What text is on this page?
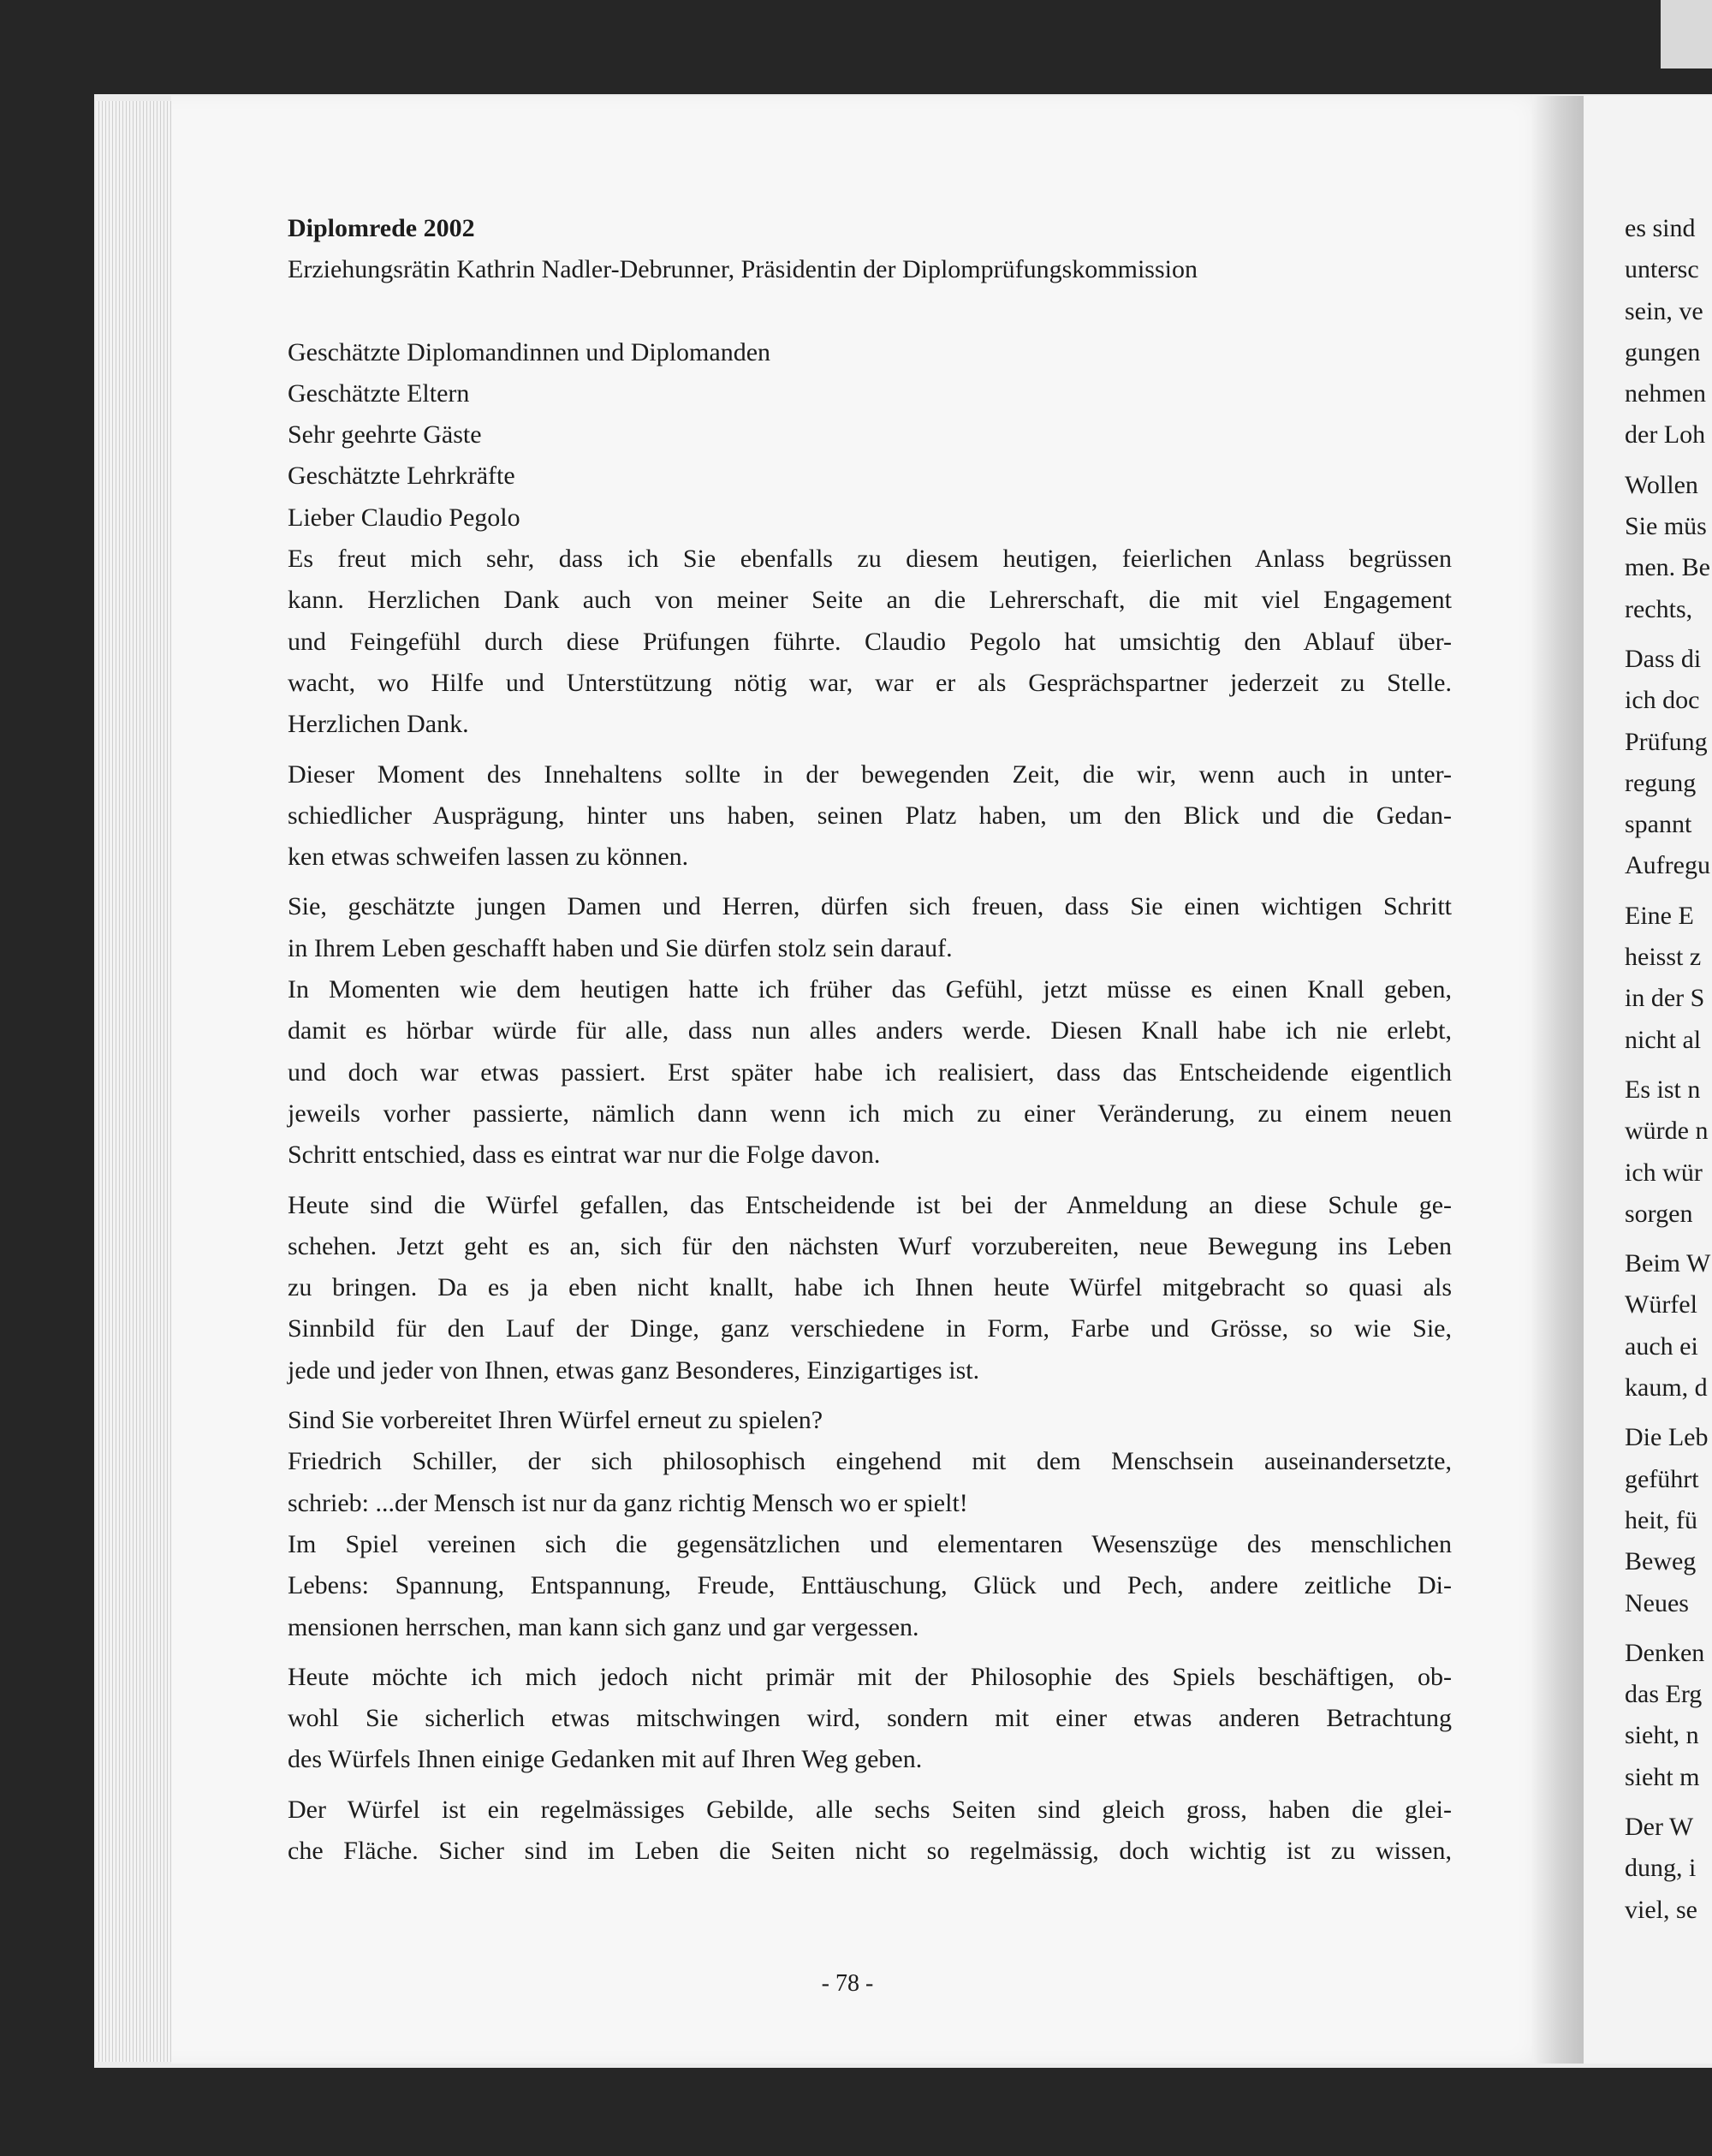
Diplomrede 2002
Erziehungsrätin Kathrin Nadler-Debrunner, Präsidentin der Diplomprüfungskommission
Geschätzte Diplomandinnen und Diplomanden
Geschätzte Eltern
Sehr geehrte Gäste
Geschätzte Lehrkräfte
Lieber Claudio Pegolo
Es freut mich sehr, dass ich Sie ebenfalls zu diesem heutigen, feierlichen Anlass begrüssen
kann. Herzlichen Dank auch von meiner Seite an die Lehrerschaft, die mit viel Engagement
und Feingefühl durch diese Prüfungen führte. Claudio Pegolo hat umsichtig den Ablauf über-
wacht, wo Hilfe und Unterstützung nötig war, war er als Gesprächspartner jederzeit zu Stelle.
Herzlichen Dank.
Dieser Moment des Innehaltens sollte in der bewegenden Zeit, die wir, wenn auch in unter-
schiedlicher Ausprägung, hinter uns haben, seinen Platz haben, um den Blick und die Gedan-
ken etwas schweifen lassen zu können.
Sie, geschätzte jungen Damen und Herren, dürfen sich freuen, dass Sie einen wichtigen Schritt
in Ihrem Leben geschafft haben und Sie dürfen stolz sein darauf.
In Momenten wie dem heutigen hatte ich früher das Gefühl, jetzt müsse es einen Knall geben,
damit es hörbar würde für alle, dass nun alles anders werde. Diesen Knall habe ich nie erlebt,
und doch war etwas passiert. Erst später habe ich realisiert, dass das Entscheidende eigentlich
jeweils vorher passierte, nämlich dann wenn ich mich zu einer Veränderung, zu einem neuen
Schritt entschied, dass es eintrat war nur die Folge davon.
Heute sind die Würfel gefallen, das Entscheidende ist bei der Anmeldung an diese Schule ge-
schehen. Jetzt geht es an, sich für den nächsten Wurf vorzubereiten, neue Bewegung ins Leben
zu bringen. Da es ja eben nicht knallt, habe ich Ihnen heute Würfel mitgebracht so quasi als
Sinnbild für den Lauf der Dinge, ganz verschiedene in Form, Farbe und Grösse, so wie Sie,
jede und jeder von Ihnen, etwas ganz Besonderes, Einzigartiges ist.
Sind Sie vorbereitet Ihren Würfel erneut zu spielen?
Friedrich Schiller, der sich philosophisch eingehend mit dem Menschsein auseinandersetzte,
schrieb: ...der Mensch ist nur da ganz richtig Mensch wo er spielt!
Im Spiel vereinen sich die gegensätzlichen und elementaren Wesenszüge des menschlichen
Lebens: Spannung, Entspannung, Freude, Enttäuschung, Glück und Pech, andere zeitliche Di-
mensionen herrschen, man kann sich ganz und gar vergessen.
Heute möchte ich mich jedoch nicht primär mit der Philosophie des Spiels beschäftigen, ob-
wohl Sie sicherlich etwas mitschwingen wird, sondern mit einer etwas anderen Betrachtung
des Würfels Ihnen einige Gedanken mit auf Ihren Weg geben.
Der Würfel ist ein regelmässiges Gebilde, alle sechs Seiten sind gleich gross, haben die glei-
che Fläche. Sicher sind im Leben die Seiten nicht so regelmässig, doch wichtig ist zu wissen,
- 78 -
es sind
untersc
sein, ve
gungen
nehmen
der Loh
Wollen
Sie müs
men. Be
rechts,
Dass di
ich doc
Prüfung
regung
spannt
Aufregu
Eine E
heisst z
in der S
nicht al
Es ist n
würde n
ich wür
sorgen
Beim W
Würfel
auch ei
kaum, d
Die Leb
geführt
heit, fü
Beweg
Neues
Denken
das Erg
sieht, n
sieht m
Der W
dung, i
viel, se
